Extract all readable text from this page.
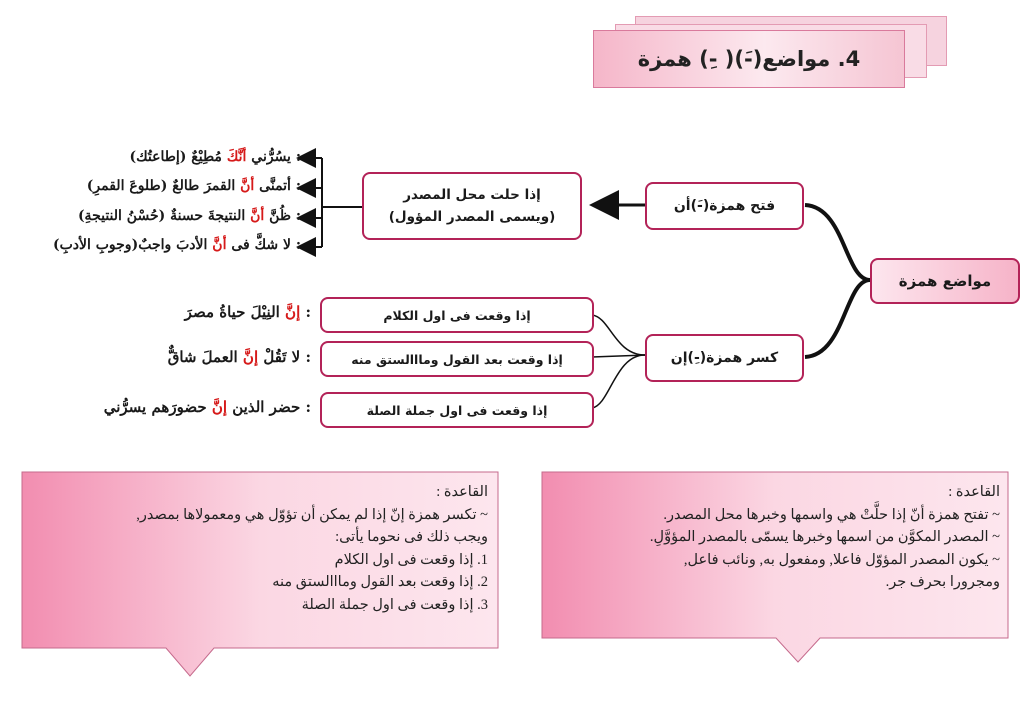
4. مواضع(-َ)( -ِ) همزة
مواضع همزة
فتح همزة(-َ)أن
إذا حلت محل المصدر
(ويسمى المصدر المؤول)
: يسُرُّني أنَّكَ مُطِيْعٌ (إطاعتُك)
: أتمنَّى أنَّ القمرَ طالعٌ (طلوعَ القمرِ)
: ظُنَّ أنَّ النتيجةَ حسنةٌ (حُسْنُ النتيجةِ)
: لا شكَّ فى أنَّ الأدبَ واجبٌ(وجوبِ الأدبِ)
كسر همزة(-ِ)إن
إذا وقعت فى اول الكلام
إذا وقعت بعد القول ومااالستق منه
إذا وقعت فى اول جملة الصلة
: إنَّ النِيْلَ حياةُ مصرَ
: لا تَقُلْ إنَّ العملَ شاقٌّ
: حضر الذين إنَّ حضورَهم يسرُّني
القاعدة :
~ تفتح همزة أنّ إذا حلَّتْ هي واسمها وخبرها محل المصدر.
~ المصدر المكوَّن من اسمها وخبرها يسمّى بالمصدر المؤوَّلِ.
~ يكون المصدر المؤوّل فاعلا, ومفعول به, ونائب فاعل,
ومجرورا بحرف جر.
القاعدة :
~ تكسر همزة إنّ إذا لم يمكن أن تؤوّل هي ومعمولاها بمصدر,
ويجب ذلك فى نحوما يأتى:
1. إذا وقعت فى اول الكلام
2. إذا وقعت بعد القول ومااالستق منه
3. إذا وقعت فى اول جملة الصلة
